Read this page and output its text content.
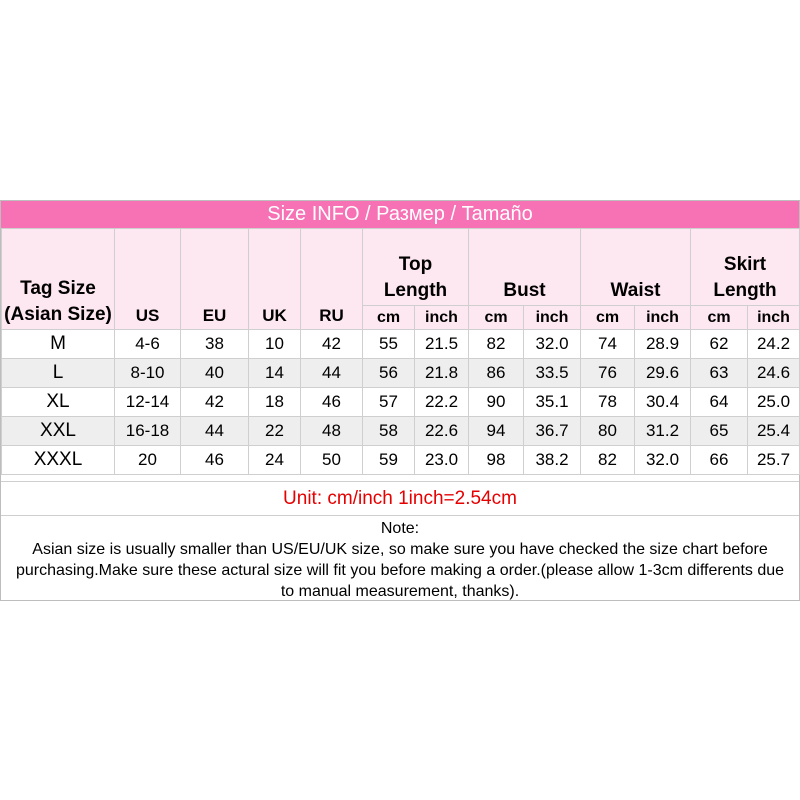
Size INFO / Размер / Tamaño
Tag Size (Asian Size)	US	EU	UK	RU	Top Length		Bust		Waist		Skirt Length	

					cm	inch	cm	inch	cm	inch	cm	inch
M	4-6	38	10	42	55	21.5	82	32.0	74	28.9	62	24.2
L	8-10	40	14	44	56	21.8	86	33.5	76	29.6	63	24.6
XL	12-14	42	18	46	57	22.2	90	35.1	78	30.4	64	25.0
XXL	16-18	44	22	48	58	22.6	94	36.7	80	31.2	65	25.4
XXXL	20	46	24	50	59	23.0	98	38.2	82	32.0	66	25.7
Unit: cm/inch 1inch=2.54cm
Note:
Asian size is usually smaller than US/EU/UK size, so make sure you have checked the size chart before purchasing.Make sure these actural size will fit you before making a order.(please allow 1-3cm differents due to manual measurement, thanks).
